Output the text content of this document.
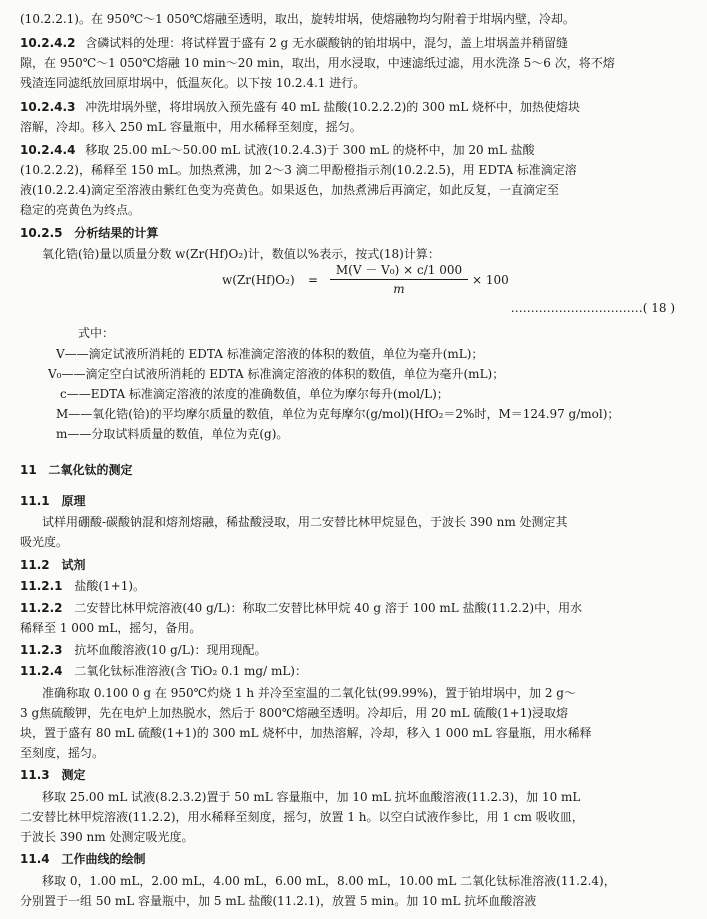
(10.2.2.1)。在 950℃～1 050℃熔融至透明，取出，旋转坩埚，使熔融物均匀附着于坩埚内壁，冷却。
10.2.4.2 含磷试料的处理：将试样置于盛有 2 g 无水碳酸钠的铂坩埚中，混匀，盖上坩埚盖并稍留缝
隙，在 950℃～1 050℃熔融 10 min～20 min，取出，用水浸取，中速滤纸过滤，用水洗涤 5～6 次，将不熔
残渣连同滤纸放回原坩埚中，低温灰化。以下按 10.2.4.1 进行。
10.2.4.3 冲洗坩埚外壁，将坩埚放入预先盛有 40 mL 盐酸(10.2.2.2)的 300 mL 烧杯中，加热使熔块
溶解，冷却。移入 250 mL 容量瓶中，用水稀释至刻度，摇匀。
10.2.4.4 移取 25.00 mL～50.00 mL 试液(10.2.4.3)于 300 mL 的烧杯中，加 20 mL 盐酸
(10.2.2.2)，稀释至 150 mL。加热煮沸，加 2～3 滴二甲酚橙指示剂(10.2.2.5)，用 EDTA 标准滴定溶
液(10.2.2.4)滴定至溶液由紫红色变为亮黄色。如果返色，加热煮沸后再滴定，如此反复，一直滴定至
稳定的亮黄色为终点。
10.2.5 分析结果的计算
氧化锆(铪)量以质量分数 w(Zr(Hf)O₂)计，数值以%表示，按式(18)计算：
w(Zr(Hf)O₂) =
M(V － V₀) × c/1 000
m
× 100
……………………………( 18 )
式中：
V——滴定试液所消耗的 EDTA 标准滴定溶液的体积的数值，单位为毫升(mL)；
V₀——滴定空白试液所消耗的 EDTA 标准滴定溶液的体积的数值，单位为毫升(mL)；
c——EDTA 标准滴定溶液的浓度的准确数值，单位为摩尔每升(mol/L)；
M——氧化锆(铪)的平均摩尔质量的数值，单位为克每摩尔(g/mol)(HfO₂＝2%时，M＝124.97 g/mol)；
m——分取试料质量的数值，单位为克(g)。
11 二氧化钛的测定
11.1 原理
试样用硼酸-碳酸钠混和熔剂熔融，稀盐酸浸取，用二安替比林甲烷显色，于波长 390 nm 处测定其
吸光度。
11.2 试剂
11.2.1 盐酸(1+1)。
11.2.2 二安替比林甲烷溶液(40 g/L)：称取二安替比林甲烷 40 g 溶于 100 mL 盐酸(11.2.2)中，用水
稀释至 1 000 mL，摇匀，备用。
11.2.3 抗坏血酸溶液(10 g/L)：现用现配。
11.2.4 二氧化钛标准溶液(含 TiO₂ 0.1 mg/ mL)：
准确称取 0.100 0 g 在 950℃灼烧 1 h 并冷至室温的二氧化钛(99.99%)，置于铂坩埚中，加 2 g～
3 g焦硫酸钾，先在电炉上加热脱水，然后于 800℃熔融至透明。冷却后，用 20 mL 硫酸(1+1)浸取熔
块，置于盛有 80 mL 硫酸(1+1)的 300 mL 烧杯中，加热溶解，冷却，移入 1 000 mL 容量瓶，用水稀释
至刻度，摇匀。
11.3 测定
移取 25.00 mL 试液(8.2.3.2)置于 50 mL 容量瓶中，加 10 mL 抗坏血酸溶液(11.2.3)，加 10 mL
二安替比林甲烷溶液(11.2.2)，用水稀释至刻度，摇匀，放置 1 h。以空白试液作参比，用 1 cm 吸收皿，
于波长 390 nm 处测定吸光度。
11.4 工作曲线的绘制
移取 0，1.00 mL，2.00 mL，4.00 mL，6.00 mL，8.00 mL，10.00 mL 二氧化钛标准溶液(11.2.4)，
分别置于一组 50 mL 容量瓶中，加 5 mL 盐酸(11.2.1)，放置 5 min。加 10 mL 抗坏血酸溶液
